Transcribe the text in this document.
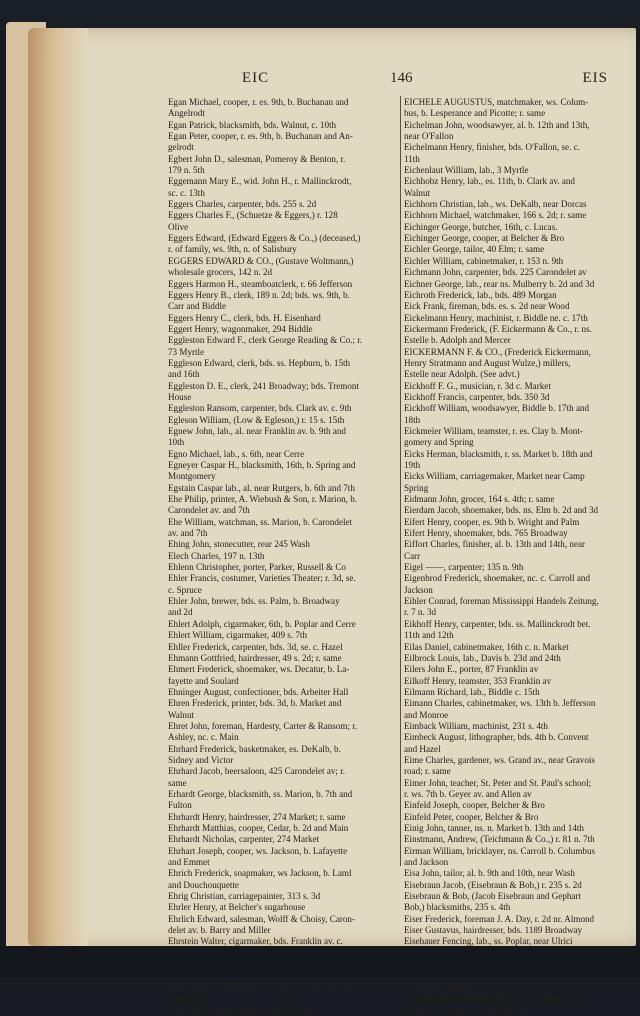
EIC	146	EIS

Egan Michael, cooper, r. es. 9th, b. Buchanan and

Angelrodt

Egan Patrick, blacksmith, bds. Walnut, c. 10th

Egan Peter, cooper, r. es. 9th, b. Buchanan and An-

gelrodt

Egbert John D., salesman, Pomeroy & Benton, r.

179 n. 5th

Eggemann Mary E., wid. John H., r. Mallinckrodt,

sc. c. 13th

Eggers Charles, carpenter, bds. 255 s. 2d

Eggers Charles F., (Schuetze & Eggers,) r. 128

Olive

Eggers Edward, (Edward Eggers & Co.,) (deceased,)

r. of family, ws. 9th, n. of Salisbury

EGGERS EDWARD & CO., (Gustave Woltmann,)

wholesale grocers, 142 n. 2d

Eggers Harmon H., steamboatclerk, r. 66 Jefferson

Eggers Henry B., clerk, 189 n. 2d; bds. ws. 9th, b.

Carr and Biddle

Eggers Henry C., clerk, bds. H. Eisenhard

Eggert Henry, wagonmaker, 294 Biddle

Eggleston Edward F., clerk George Reading & Co.; r.

73 Myrtle

Eggleson Edward, clerk, bds. ss. Hepburn, b. 15th

and 16th

Eggleston D. E., clerk, 241 Broadway; bds. Tremont

House

Eggleston Ransom, carpenter, bds. Clark av. c. 9th

Egleson William, (Low & Egleson,) r. 15 s. 15th

Egnew John, lab., al. near Franklin av. b. 9th and

10th

Egno Michael, lab., s. 6th, near Cerre

Egneyer Caspar H., blacksmith, 16th, b. Spring and

Montgomery

Egstain Caspar lab., al. near Rutgers, b. 6th and 7th

Ehe Philip, printer, A. Wiebush & Son, r. Marion, b.

Carondelet av. and 7th

Ehe William, watchman, ss. Marion, b. Carondelet

av. and 7th

Ehing John, stonecutter, rear 245 Wash

Elech Charles, 197 n. 13th

Ehlenn Christopher, porter, Parker, Russell & Co

Ehler Francis, costumer, Varieties Theater; r. 3d, se.

c. Spruce

Ehler John, brewer, bds. ss. Palm, b. Broadway

and 2d

Ehlert Adolph, cigarmaker, 6th, b. Poplar and Cerre

Ehlert William, cigarmaker, 409 s. 7th

Ehller Frederick, carpenter, bds. 3d, se. c. Hazel

Ehmann Gottfried, hairdresser, 49 s. 2d; r. same

Ehmert Frederick, shoemaker, ws. Decatur, b. La-

fayette and Soulard

Ehninger August, confectioner, bds. Arbeiter Hall

Ehren Frederick, printer, bds. 3d, b. Market and

Walnut

Ehret John, foreman, Hardesty, Carter & Ransom; r.

Ashley, nc. c. Main

Ehrhard Frederick, basketmaker, es. DeKalb, b.

Sidney and Victor

Ehrhard Jacob, beersaloon, 425 Carondelet av; r.

same

Erhardt George, blacksmith, ss. Marion, b. 7th and

Fulton

Ehrhardt Henry, hairdresser, 274 Market; r. same

Ehrhardt Matthias, cooper, Cedar, b. 2d and Main

Ehrhardt Nicholas, carpenter, 274 Market

Ehrhart Joseph, cooper, ws. Jackson, b. Lafayette

and Emmet

Ehrich Frederick, soapmaker, ws Jackson, b. Laml

and Douchouquette

Ehrig Christian, carriagepainter, 313 s. 3d

Ehrler Henry, at Belcher's sugarhouse

Ehrlich Edward, salesman, Wolff & Choisy, Caron-

delet av. b. Barry and Miller

Ehrstein Walter, cigarmaker, bds. Franklin av. c.

Eicberg Henry, drayman, ws. 14th, b. Clark av. and

Spruce

Eichberger Joseph, miller, 20th, c. Estelle

EICHELE AUGUSTUS, matchmaker, ws. Colum-

bus, b. Lesperance and Picotte; r. same

Eichelman John, woodsawyer, al. b. 12th and 13th,

near O'Fallon

Eichelmann Henry, finisher, bds. O'Fallon, se. c.

11th

Eichenlaut William, lab., 3 Myrtle

Eichhobz Henry, lab., es. 11th, b. Clark av. and

Walnut

Eichhorn Christian, lab., ws. DeKalb, near Dorcas

Eichhorn Michael, watchmaker, 166 s. 2d; r. same

Eichinger George, butcher, 16th, c. Lucas.

Eichinger George, cooper, at Belcher & Bro

Eichler George, tailor, 40 Elm; r. same

Eichler William, cabinetmaker, r. 153 n. 9th

Eichmann John, carpenter, bds. 225 Carondelet av

Eichner George, lab., rear ns. Mulberry b. 2d and 3d

Eichroth Frederick, lab., bds. 489 Morgan

Eick Frank, fireman, bds. es. s. 2d near Wood

Eickelmann Henry, machinist, r. Biddle ne. c. 17th

Eickermann Frederick, (F. Eickermann & Co., r. ns.

Estelle b. Adolph and Mercer

EICKERMANN F. & CO., (Frederick Eickermann,

Henry Stratmann and August Wulze,) millers,

Estelle near Adolph. (See advt.)

Eickhoff F. G., musician, r. 3d c. Market

Eickhoff Francis, carpenter, bds. 350 3d

Eickhoff William, woodsawyer, Biddle b. 17th and

18th

Eickmeier William, teamster, r. es. Clay b. Mont-

gomery and Spring

Eicks Herman, blacksmith, r. ss. Market b. 18th and

19th

Eicks William, carriagemaker, Market near Camp

Spring

Eidmann John, grocer, 164 s. 4th; r. same

Eierdam Jacob, shoemaker, bds. ns. Elm b. 2d and 3d

Eifert Henry, cooper, es. 9th b. Wright and Palm

Eifert Henry, shoemaker, bds. 765 Broadway

Eiffort Charles, finisher, al. b. 13th and 14th, near

Carr

Eigel ——, carpenter; 135 n. 9th

Eigenbrod Frederick, shoemaker, nc. c. Carroll and

Jackson

Eihler Conrad, foreman Mississippi Handels Zeitung,

r. 7 n. 3d

Eikhoff Henry, carpenter, bds. ss. Mallinckrodt bet.

11th and 12th

Eilas Daniel, cabinetmaker, 16th c. n. Market

Eilbrock Louis, lab., Davis b. 23d and 24th

Eilers John E., porter, 87 Franklin av

Eilkoff Henry, teamster, 353 Franklin av

Eilmann Richard, lab., Biddle c. 15th

Eimann Charles, cabinetmaker, ws. 13th b. Jefferson

and Monroe

Eimback William, machinist, 231 s. 4th

Eimbeck August, lithographer, bds. 4th b. Convent

and Hazel

Eime Charles, gardener, ws. Grand av., near Gravois

road; r. same

Eimer John, teacher, St. Peter and St. Paul's school;

r. ws. 7th b. Geyer av. and Allen av

Einfeld Joseph, cooper, Belcher & Bro

Einfeld Peter, cooper, Belcher & Bro

Einig John, tanner, ns. n. Market b. 13th and 14th

Einstmann, Andrew, (Teichmann & Co.,) r. 81 n. 7th

Eirman William, bricklayer, ns. Carroll b. Columbus

and Jackson

Eisa John, tailor, al. b. 9th and 10th, near Wash

Eisebraun Jacob, (Eisebraun & Bob,) r. 235 s. 2d

Eisebraun & Bob, (Jacob Eisebraun and Gephart

Bob,) blacksmiths, 235 s. 4th

Eiser Frederick, foreman J. A. Day, r. 2d nr. Almond

Eiser Gustavus, hairdresser, bds. 1189 Broadway

Eisehauer Fencing, lab., ss. Poplar, near Ulrici

Eisenhardt Herman, 74 s. 6th

EISENHARDT HERMANN, grocer, Market c. 5th;

r. 8th b. Chouteau av. and Hickory
